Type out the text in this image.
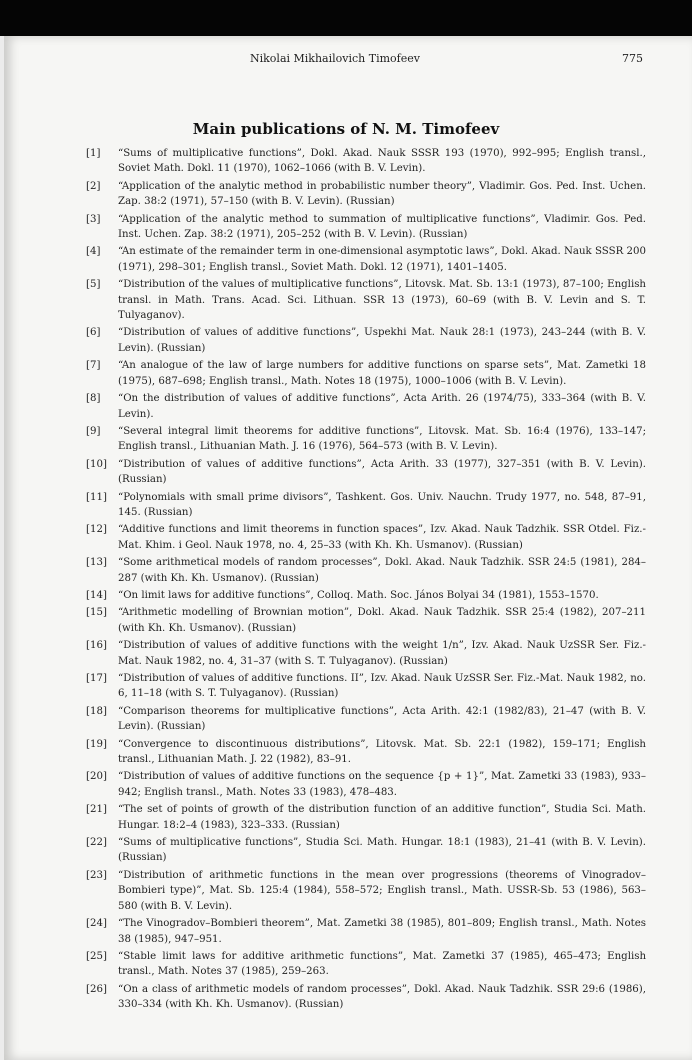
Nikolai Mikhailovich Timofeev	775
Main publications of N. M. Timofeev
[1] “Sums of multiplicative functions”, Dokl. Akad. Nauk SSSR 193 (1970), 992–995; English transl., Soviet Math. Dokl. 11 (1970), 1062–1066 (with B. V. Levin).
[2] “Application of the analytic method in probabilistic number theory”, Vladimir. Gos. Ped. Inst. Uchen. Zap. 38:2 (1971), 57–150 (with B. V. Levin). (Russian)
[3] “Application of the analytic method to summation of multiplicative functions”, Vladimir. Gos. Ped. Inst. Uchen. Zap. 38:2 (1971), 205–252 (with B. V. Levin). (Russian)
[4] “An estimate of the remainder term in one-dimensional asymptotic laws”, Dokl. Akad. Nauk SSSR 200 (1971), 298–301; English transl., Soviet Math. Dokl. 12 (1971), 1401–1405.
[5] “Distribution of the values of multiplicative functions”, Litovsk. Mat. Sb. 13:1 (1973), 87–100; English transl. in Math. Trans. Acad. Sci. Lithuan. SSR 13 (1973), 60–69 (with B. V. Levin and S. T. Tulyaganov).
[6] “Distribution of values of additive functions”, Uspekhi Mat. Nauk 28:1 (1973), 243–244 (with B. V. Levin). (Russian)
[7] “An analogue of the law of large numbers for additive functions on sparse sets”, Mat. Zametki 18 (1975), 687–698; English transl., Math. Notes 18 (1975), 1000–1006 (with B. V. Levin).
[8] “On the distribution of values of additive functions”, Acta Arith. 26 (1974/75), 333–364 (with B. V. Levin).
[9] “Several integral limit theorems for additive functions”, Litovsk. Mat. Sb. 16:4 (1976), 133–147; English transl., Lithuanian Math. J. 16 (1976), 564–573 (with B. V. Levin).
[10] “Distribution of values of additive functions”, Acta Arith. 33 (1977), 327–351 (with B. V. Levin). (Russian)
[11] “Polynomials with small prime divisors”, Tashkent. Gos. Univ. Nauchn. Trudy 1977, no. 548, 87–91, 145. (Russian)
[12] “Additive functions and limit theorems in function spaces”, Izv. Akad. Nauk Tadzhik. SSR Otdel. Fiz.-Mat. Khim. i Geol. Nauk 1978, no. 4, 25–33 (with Kh. Kh. Usmanov). (Russian)
[13] “Some arithmetical models of random processes”, Dokl. Akad. Nauk Tadzhik. SSR 24:5 (1981), 284–287 (with Kh. Kh. Usmanov). (Russian)
[14] “On limit laws for additive functions”, Colloq. Math. Soc. János Bolyai 34 (1981), 1553–1570.
[15] “Arithmetic modelling of Brownian motion”, Dokl. Akad. Nauk Tadzhik. SSR 25:4 (1982), 207–211 (with Kh. Kh. Usmanov). (Russian)
[16] “Distribution of values of additive functions with the weight 1/n”, Izv. Akad. Nauk UzSSR Ser. Fiz.-Mat. Nauk 1982, no. 4, 31–37 (with S. T. Tulyaganov). (Russian)
[17] “Distribution of values of additive functions. II”, Izv. Akad. Nauk UzSSR Ser. Fiz.-Mat. Nauk 1982, no. 6, 11–18 (with S. T. Tulyaganov). (Russian)
[18] “Comparison theorems for multiplicative functions”, Acta Arith. 42:1 (1982/83), 21–47 (with B. V. Levin). (Russian)
[19] “Convergence to discontinuous distributions”, Litovsk. Mat. Sb. 22:1 (1982), 159–171; English transl., Lithuanian Math. J. 22 (1982), 83–91.
[20] “Distribution of values of additive functions on the sequence {p + 1}”, Mat. Zametki 33 (1983), 933–942; English transl., Math. Notes 33 (1983), 478–483.
[21] “The set of points of growth of the distribution function of an additive function”, Studia Sci. Math. Hungar. 18:2–4 (1983), 323–333. (Russian)
[22] “Sums of multiplicative functions”, Studia Sci. Math. Hungar. 18:1 (1983), 21–41 (with B. V. Levin). (Russian)
[23] “Distribution of arithmetic functions in the mean over progressions (theorems of Vinogradov–Bombieri type)”, Mat. Sb. 125:4 (1984), 558–572; English transl., Math. USSR-Sb. 53 (1986), 563–580 (with B. V. Levin).
[24] “The Vinogradov–Bombieri theorem”, Mat. Zametki 38 (1985), 801–809; English transl., Math. Notes 38 (1985), 947–951.
[25] “Stable limit laws for additive arithmetic functions”, Mat. Zametki 37 (1985), 465–473; English transl., Math. Notes 37 (1985), 259–263.
[26] “On a class of arithmetic models of random processes”, Dokl. Akad. Nauk Tadzhik. SSR 29:6 (1986), 330–334 (with Kh. Kh. Usmanov). (Russian)
